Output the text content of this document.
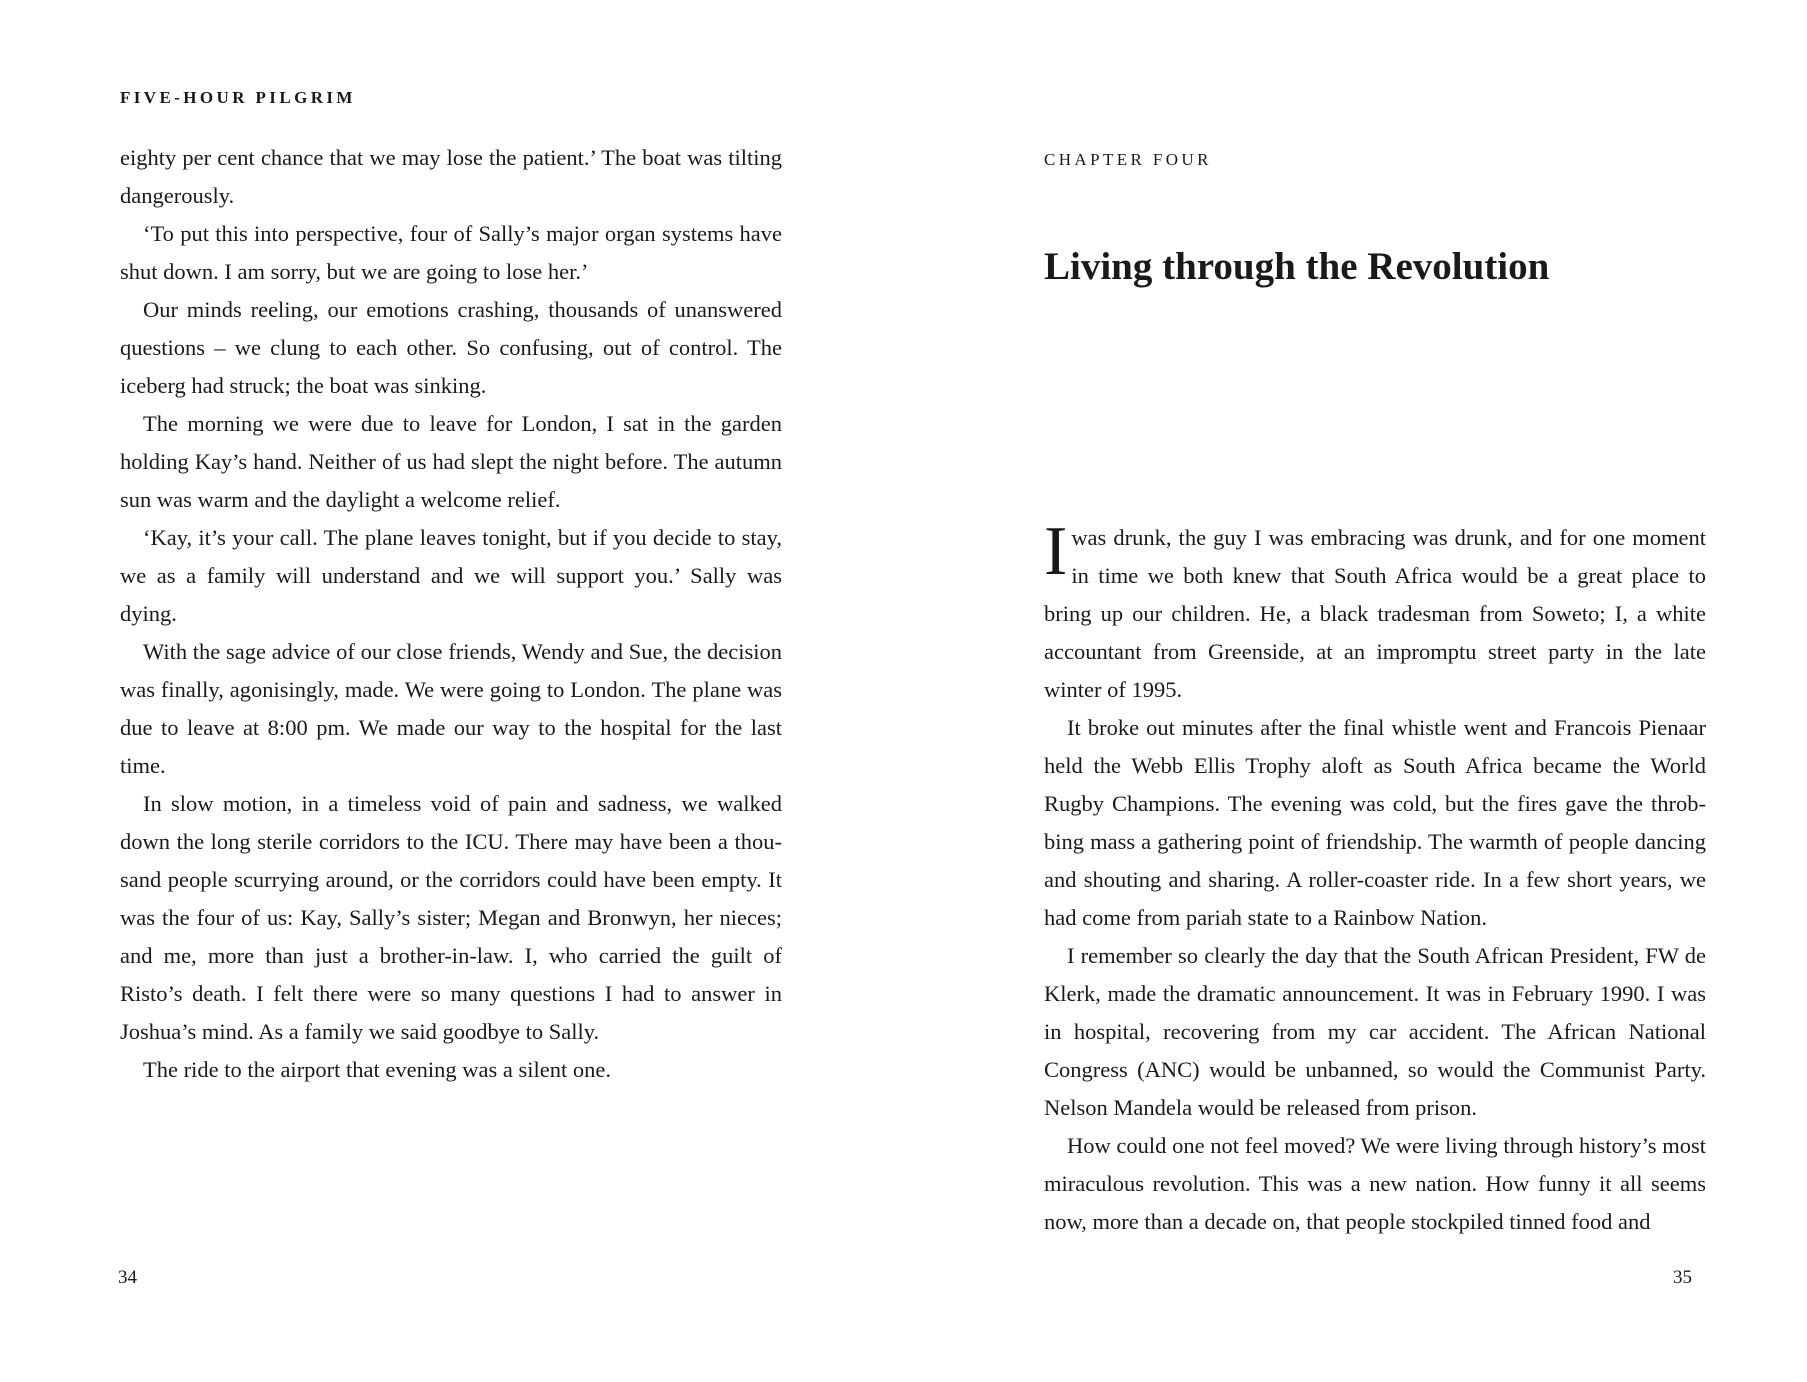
FIVE-HOUR PILGRIM

eighty per cent chance that we may lose the patient.’ The boat was tilting dangerously.

‘To put this into perspective, four of Sally’s major organ systems have shut down. I am sorry, but we are going to lose her.’

Our minds reeling, our emotions crashing, thousands of unanswered questions – we clung to each other. So confusing, out of control. The iceberg had struck; the boat was sinking.

The morning we were due to leave for London, I sat in the garden holding Kay’s hand. Neither of us had slept the night before. The autumn sun was warm and the daylight a welcome relief.

‘Kay, it’s your call. The plane leaves tonight, but if you decide to stay, we as a family will understand and we will support you.’ Sally was dying.

With the sage advice of our close friends, Wendy and Sue, the decision was finally, agonisingly, made. We were going to London. The plane was due to leave at 8:00 pm. We made our way to the hospital for the last time.

In slow motion, in a timeless void of pain and sadness, we walked down the long sterile corridors to the ICU. There may have been a thousand people scurrying around, or the corridors could have been empty. It was the four of us: Kay, Sally’s sister; Megan and Bronwyn, her nieces; and me, more than just a brother-in-law. I, who carried the guilt of Risto’s death. I felt there were so many questions I had to answer in Joshua’s mind. As a family we said goodbye to Sally.

The ride to the airport that evening was a silent one.

34

CHAPTER FOUR

Living through the Revolution

Iwas drunk, the guy I was embracing was drunk, and for one moment in time we both knew that South Africa would be a great place to bring up our children. He, a black tradesman from Soweto; I, a white accountant from Greenside, at an impromptu street party in the late winter of 1995.

It broke out minutes after the final whistle went and Francois Pienaar held the Webb Ellis Trophy aloft as South Africa became the World Rugby Champions. The evening was cold, but the fires gave the throbbing mass a gathering point of friendship. The warmth of people dancing and shouting and sharing. A roller-coaster ride. In a few short years, we had come from pariah state to a Rainbow Nation.

I remember so clearly the day that the South African President, FW de Klerk, made the dramatic announcement. It was in February 1990. I was in hospital, recovering from my car accident. The African National Congress (ANC) would be unbanned, so would the Communist Party. Nelson Mandela would be released from prison.

How could one not feel moved? We were living through history’s most miraculous revolution. This was a new nation. How funny it all seems now, more than a decade on, that people stockpiled tinned food and

35
